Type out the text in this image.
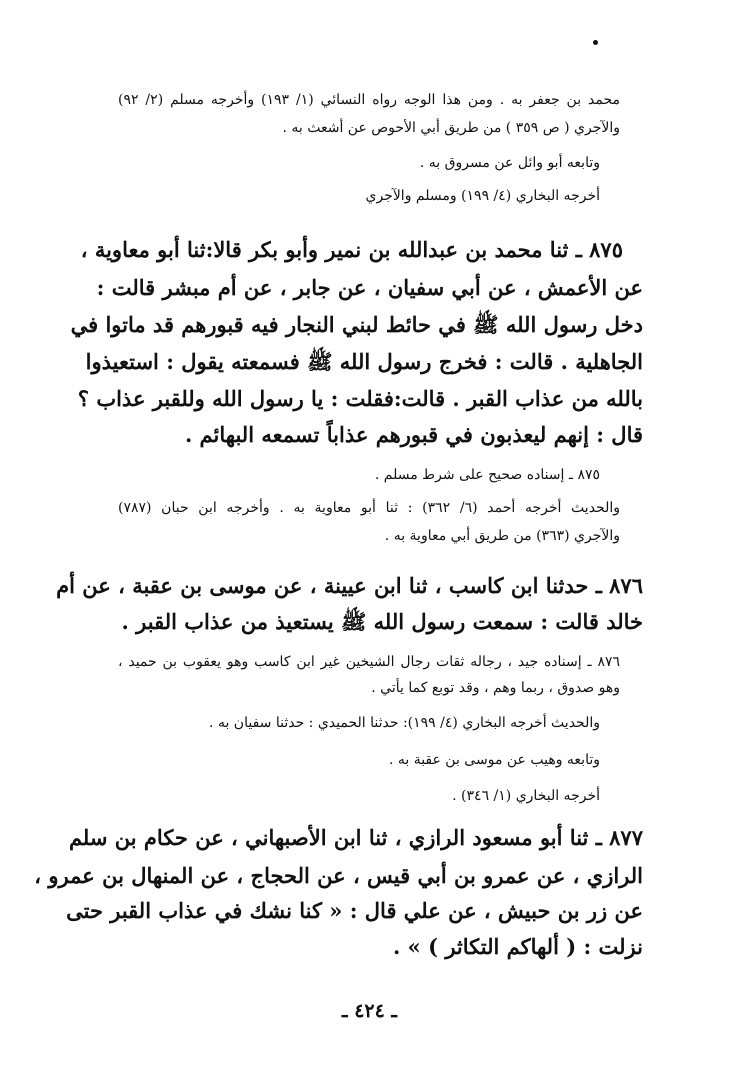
محمد بن جعفر به . ومن هذا الوجه رواه النسائي (١/ ١٩٣) وأخرجه مسلم (٢/ ٩٢)
والآجري ( ص ٣٥٩ ) من طريق أبي الأحوص عن أشعث به .
وتابعه أبو وائل عن مسروق به .
أخرجه البخاري (٤/ ١٩٩) ومسلم والآجري
٨٧٥ ـ ثنا محمد بن عبدالله بن نمير وأبو بكر قالا:ثنا أبو معاوية ،
عن الأعمش ، عن أبي سفيان ، عن جابر ، عن أم مبشر قالت :
دخل رسول الله ﷺ في حائط لبني النجار فيه قبورهم قد ماتوا في
الجاهلية . قالت : فخرج رسول الله ﷺ فسمعته يقول : استعيذوا
بالله من عذاب القبر . قالت:فقلت : يا رسول الله وللقبر عذاب ؟
قال : إنهم ليعذبون في قبورهم عذاباً تسمعه البهائم .
٨٧٥ ـ إسناده صحيح على شرط مسلم .
والحديث أخرجه أحمد (٦/ ٣٦٢) : ثنا أبو معاوية به . وأخرجه ابن حبان (٧٨٧)
والآجري (٣٦٣) من طريق أبي معاوية به .
٨٧٦ ـ حدثنا ابن كاسب ، ثنا ابن عيينة ، عن موسى بن عقبة ، عن أم
خالد قالت : سمعت رسول الله ﷺ يستعيذ من عذاب القبر .
٨٧٦ ـ إسناده جيد ، رجاله ثقات رجال الشيخين غير ابن كاسب وهو يعقوب بن حميد ،
وهو صدوق ، ربما وهم ، وقد توبع كما يأتي .
والحديث أخرجه البخاري (٤/ ١٩٩): حدثنا الحميدي : حدثنا سفيان به .
وتابعه وهيب عن موسى بن عقبة به .
أخرجه البخاري (١/ ٣٤٦) .
٨٧٧ ـ ثنا أبو مسعود الرازي ، ثنا ابن الأصبهاني ، عن حكام بن سلم
الرازي ، عن عمرو بن أبي قيس ، عن الحجاج ، عن المنهال بن عمرو ،
عن زر بن حبيش ، عن علي قال : « كنا نشك في عذاب القبر حتى
نزلت : ( ألهاكم التكاثر ) » .
ـ ٤٢٤ ـ
